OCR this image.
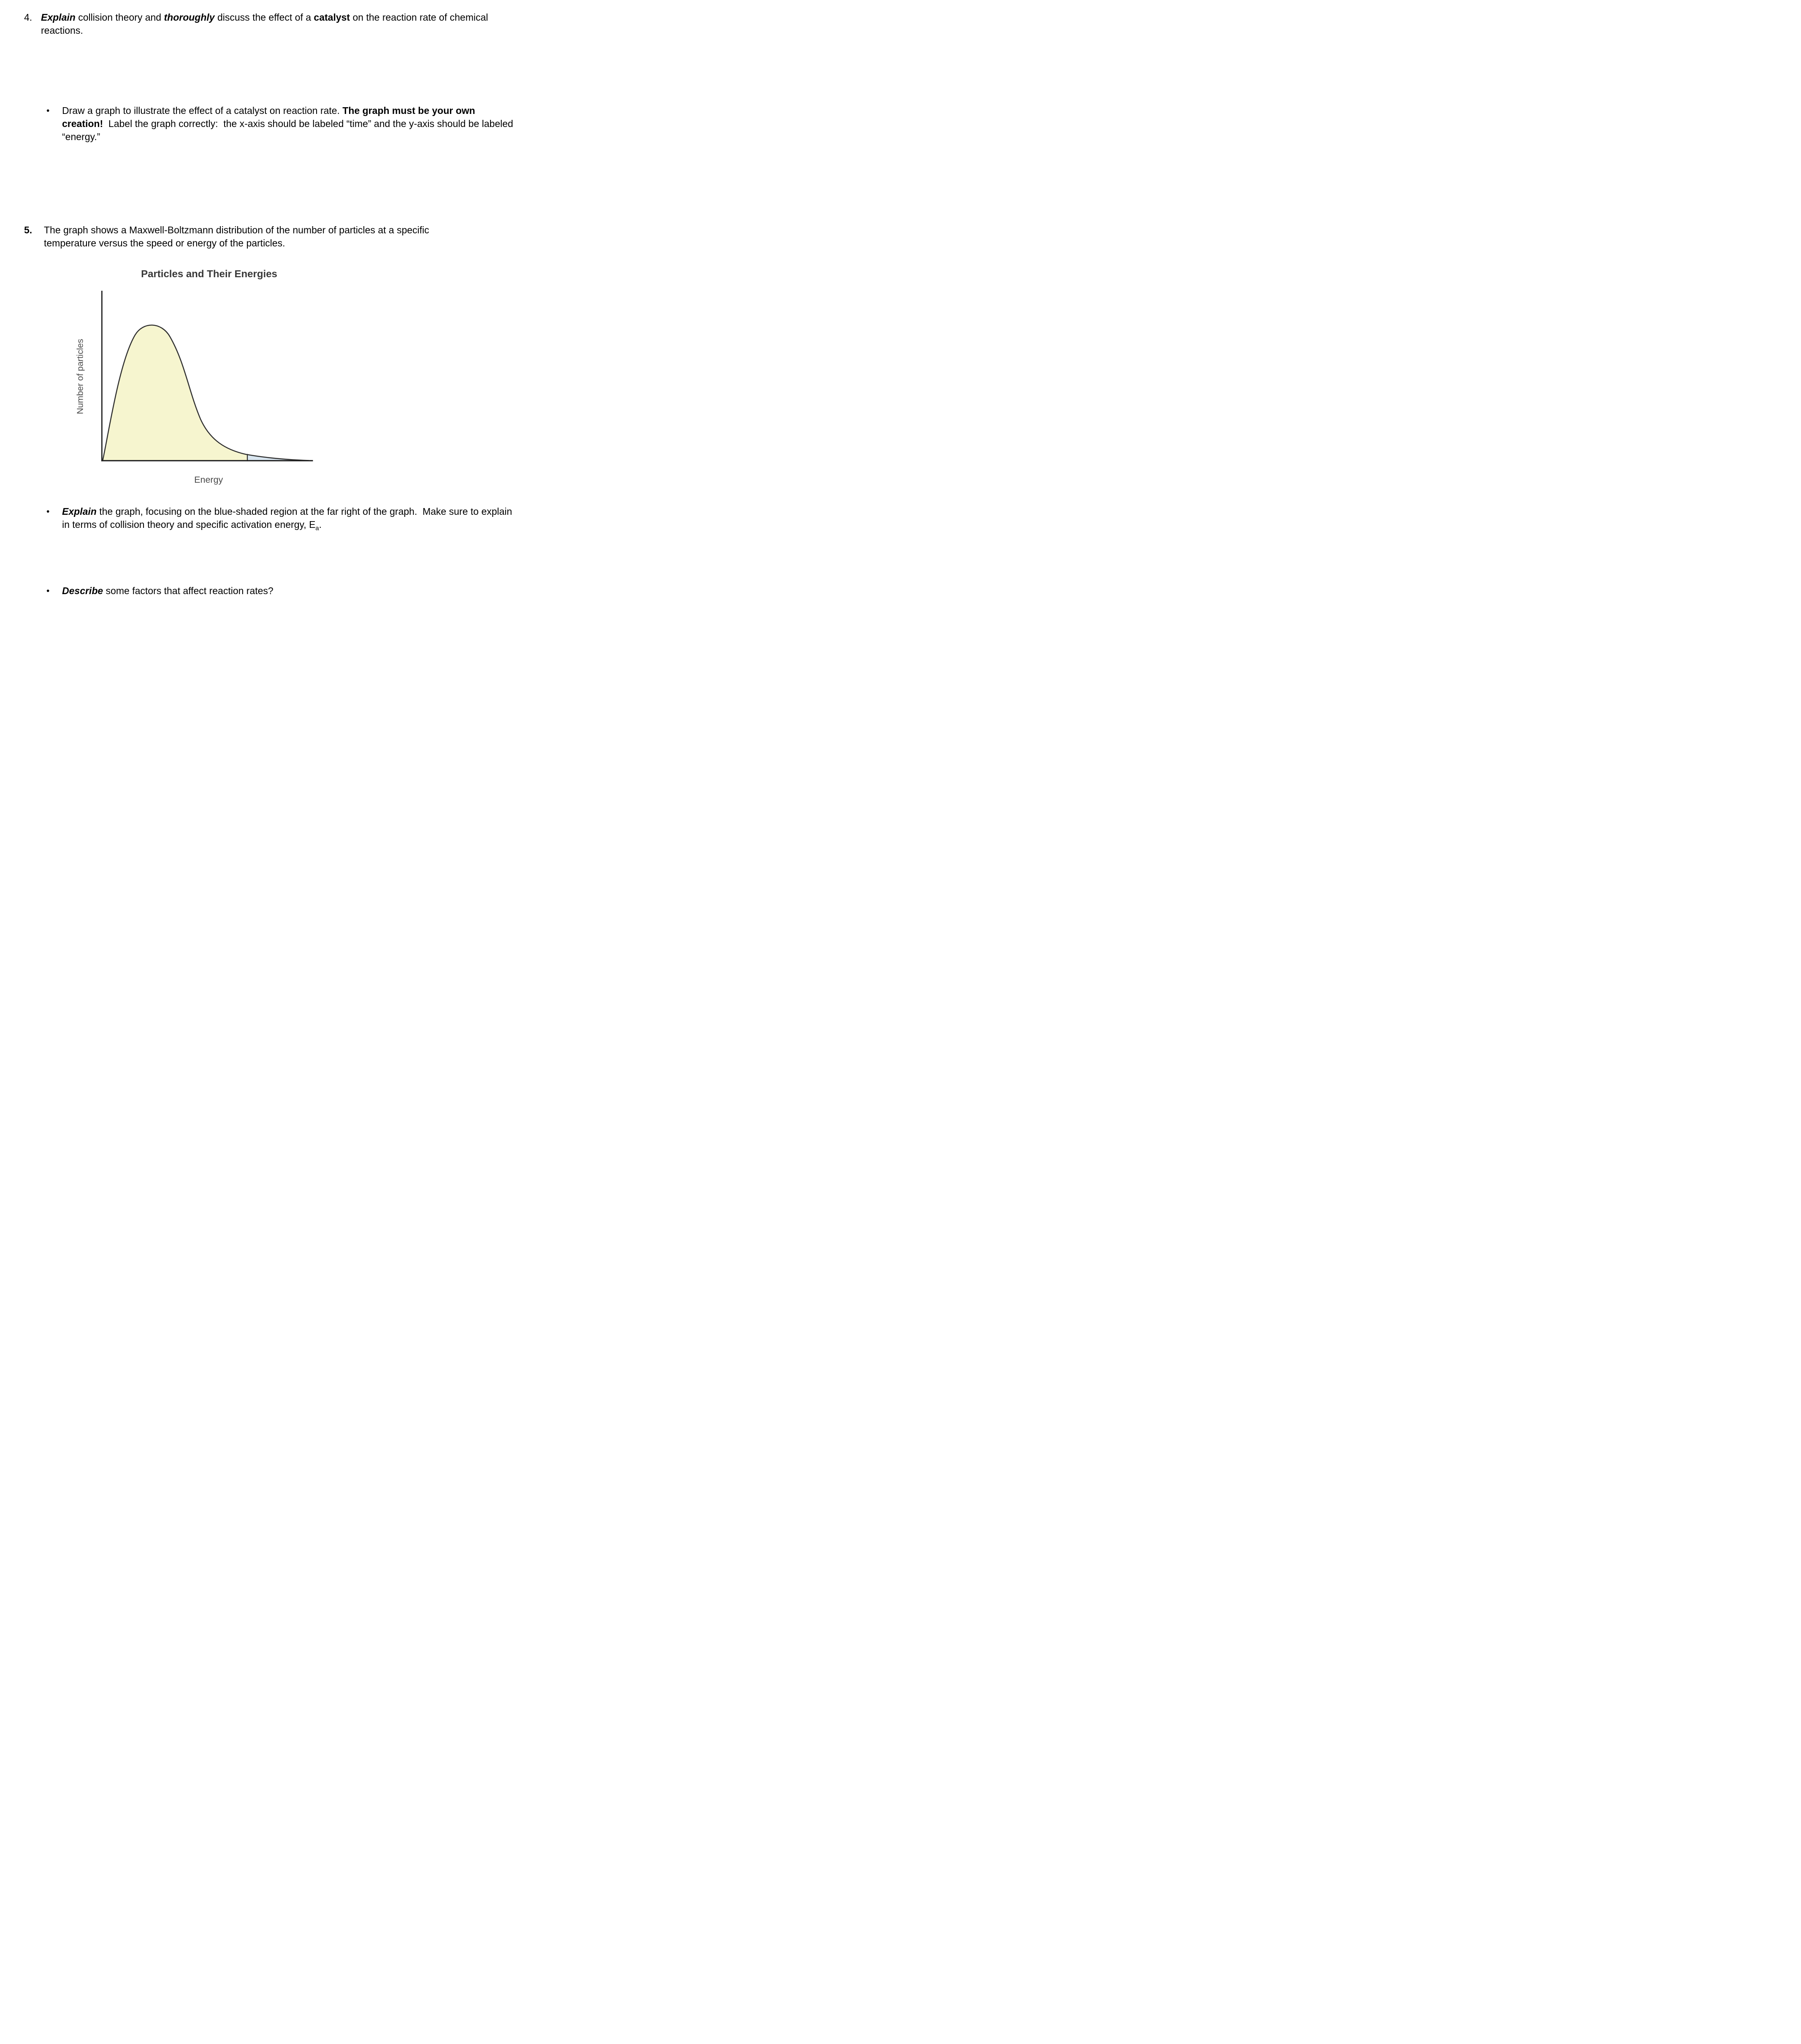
4. Explain collision theory and thoroughly discuss the effect of a catalyst on the reaction rate of chemical reactions.
•	Draw a graph to illustrate the effect of a catalyst on reaction rate. The graph must be your own creation!  Label the graph correctly:  the x-axis should be labeled “time” and the y-axis should be labeled “energy.”
5.	The graph shows a Maxwell-Boltzmann distribution of the number of particles at a specific temperature versus the speed or energy of the particles.
Particles and Their Energies
Number of particles
Energy
•	Explain the graph, focusing on the blue-shaded region at the far right of the graph.  Make sure to explain in terms of collision theory and specific activation energy, $E_a$.
•	Describe some factors that affect reaction rates?
